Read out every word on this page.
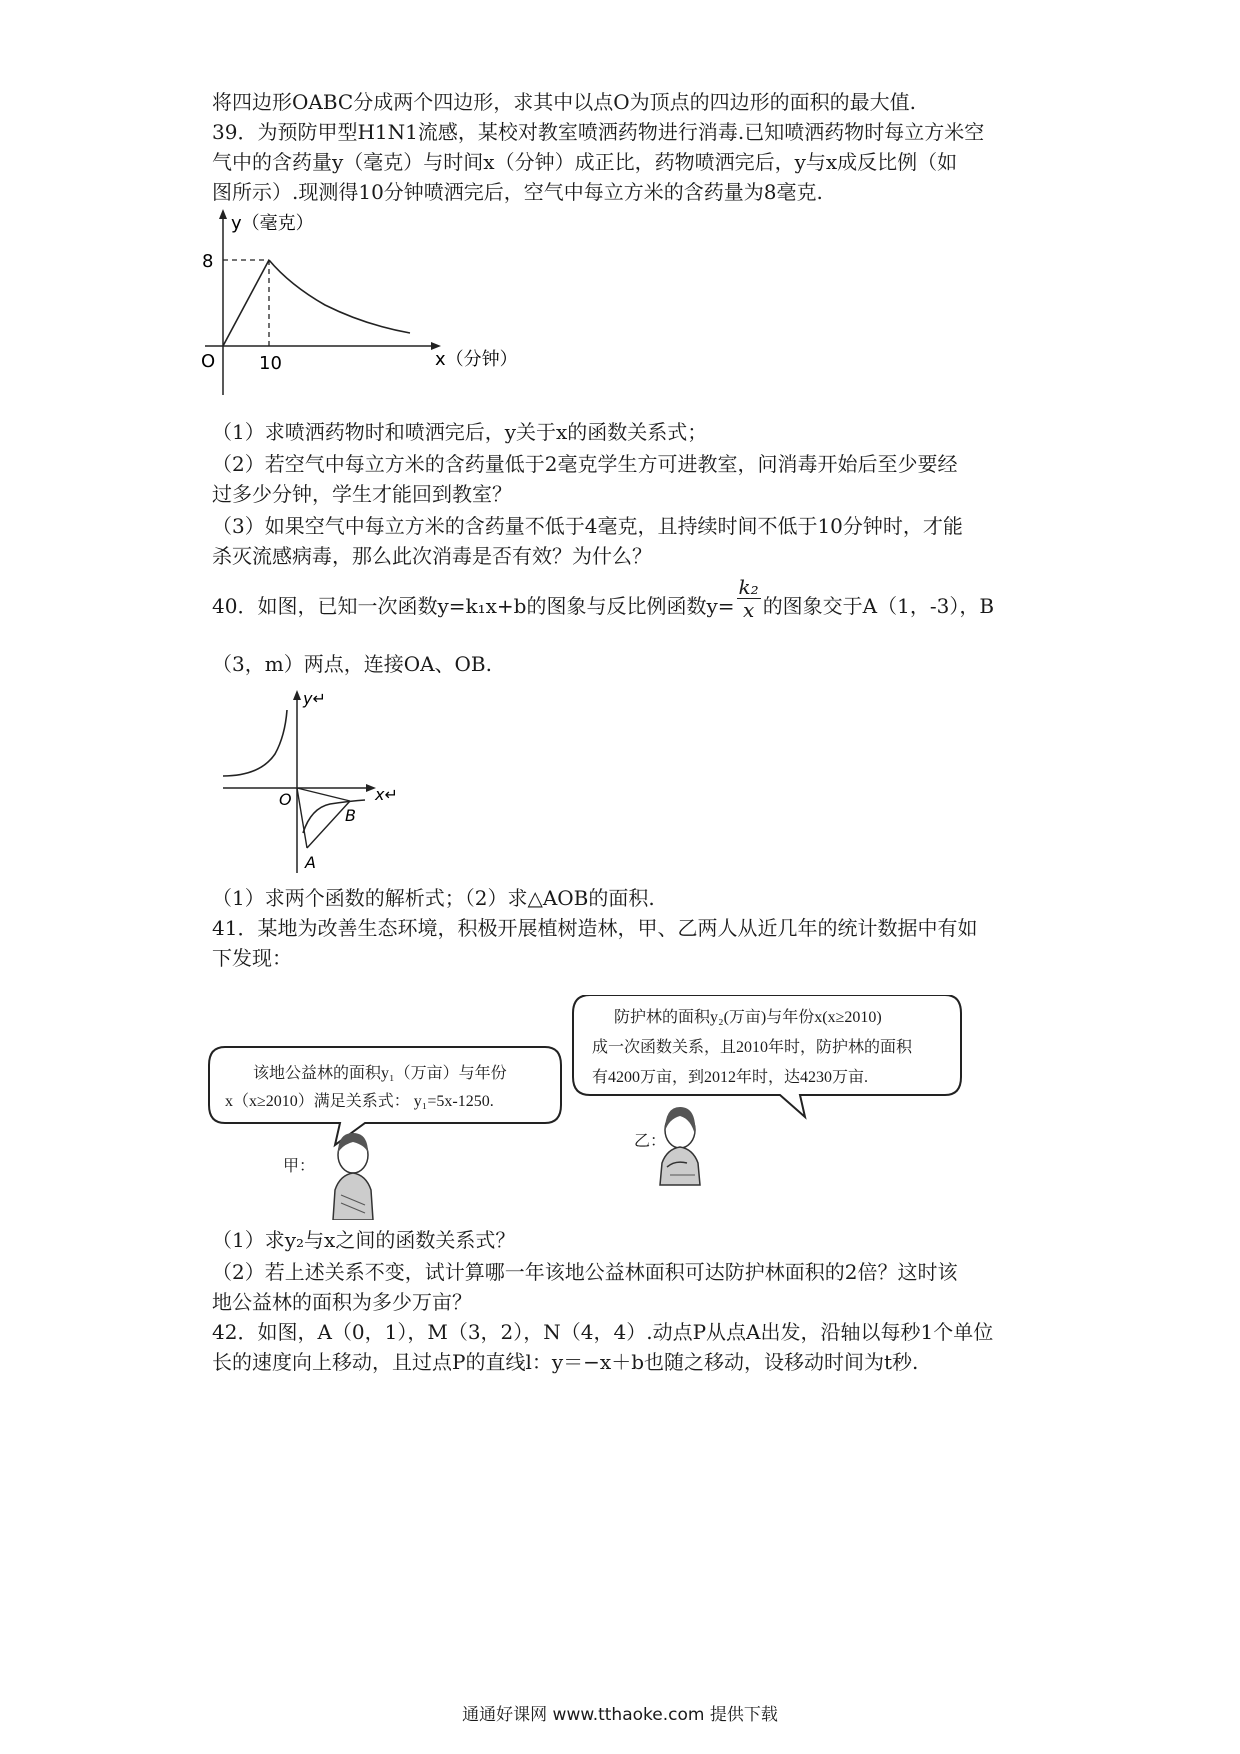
将四边形OABC分成两个四边形，求其中以点O为顶点的四边形的面积的最大值.
39．为预防甲型H1N1流感，某校对教室喷洒药物进行消毒.已知喷洒药物时每立方米空
气中的含药量y（毫克）与时间x（分钟）成正比，药物喷洒完后，y与x成反比例（如
图所示）.现测得10分钟喷洒完后，空气中每立方米的含药量为8毫克.
y（毫克）
x（分钟）
O
8
10
（1）求喷洒药物时和喷洒完后，y关于x的函数关系式；
（2）若空气中每立方米的含药量低于2毫克学生方可进教室，问消毒开始后至少要经
过多少分钟，学生才能回到教室？
（3）如果空气中每立方米的含药量不低于4毫克，且持续时间不低于10分钟时，才能
杀灭流感病毒，那么此次消毒是否有效？为什么？
40．如图，已知一次函数y=k₁x+b的图象与反比例函数$y= \frac{\text{k₂}}{x}$ 的图象交于A（1，-3），B
（3，m）两点，连接OA、OB.
y↵
x↵
O
A
B
（1）求两个函数的解析式；（2）求△AOB的面积.
41．某地为改善生态环境，积极开展植树造林，甲、乙两人从近几年的统计数据中有如
下发现：
该地公益林的面积y₁（万亩）与年份
x（x≥2010）满足关系式： y₁=5x-1250.
甲：
防护林的面积y₂(万亩)与年份x(x≥2010)
成一次函数关系，且2010年时，防护林的面积
有4200万亩，到2012年时，达4230万亩.
乙：
（1）求y₂与x之间的函数关系式？
（2）若上述关系不变，试计算哪一年该地公益林面积可达防护林面积的2倍？这时该
地公益林的面积为多少万亩？
42．如图，A（0，1），M（3，2），N（4，4）.动点P从点A出发，沿轴以每秒1个单位
长的速度向上移动，且过点P的直线l：y＝−x＋b也随之移动，设移动时间为t秒.
通通好课网 www.tthaoke.com 提供下载
